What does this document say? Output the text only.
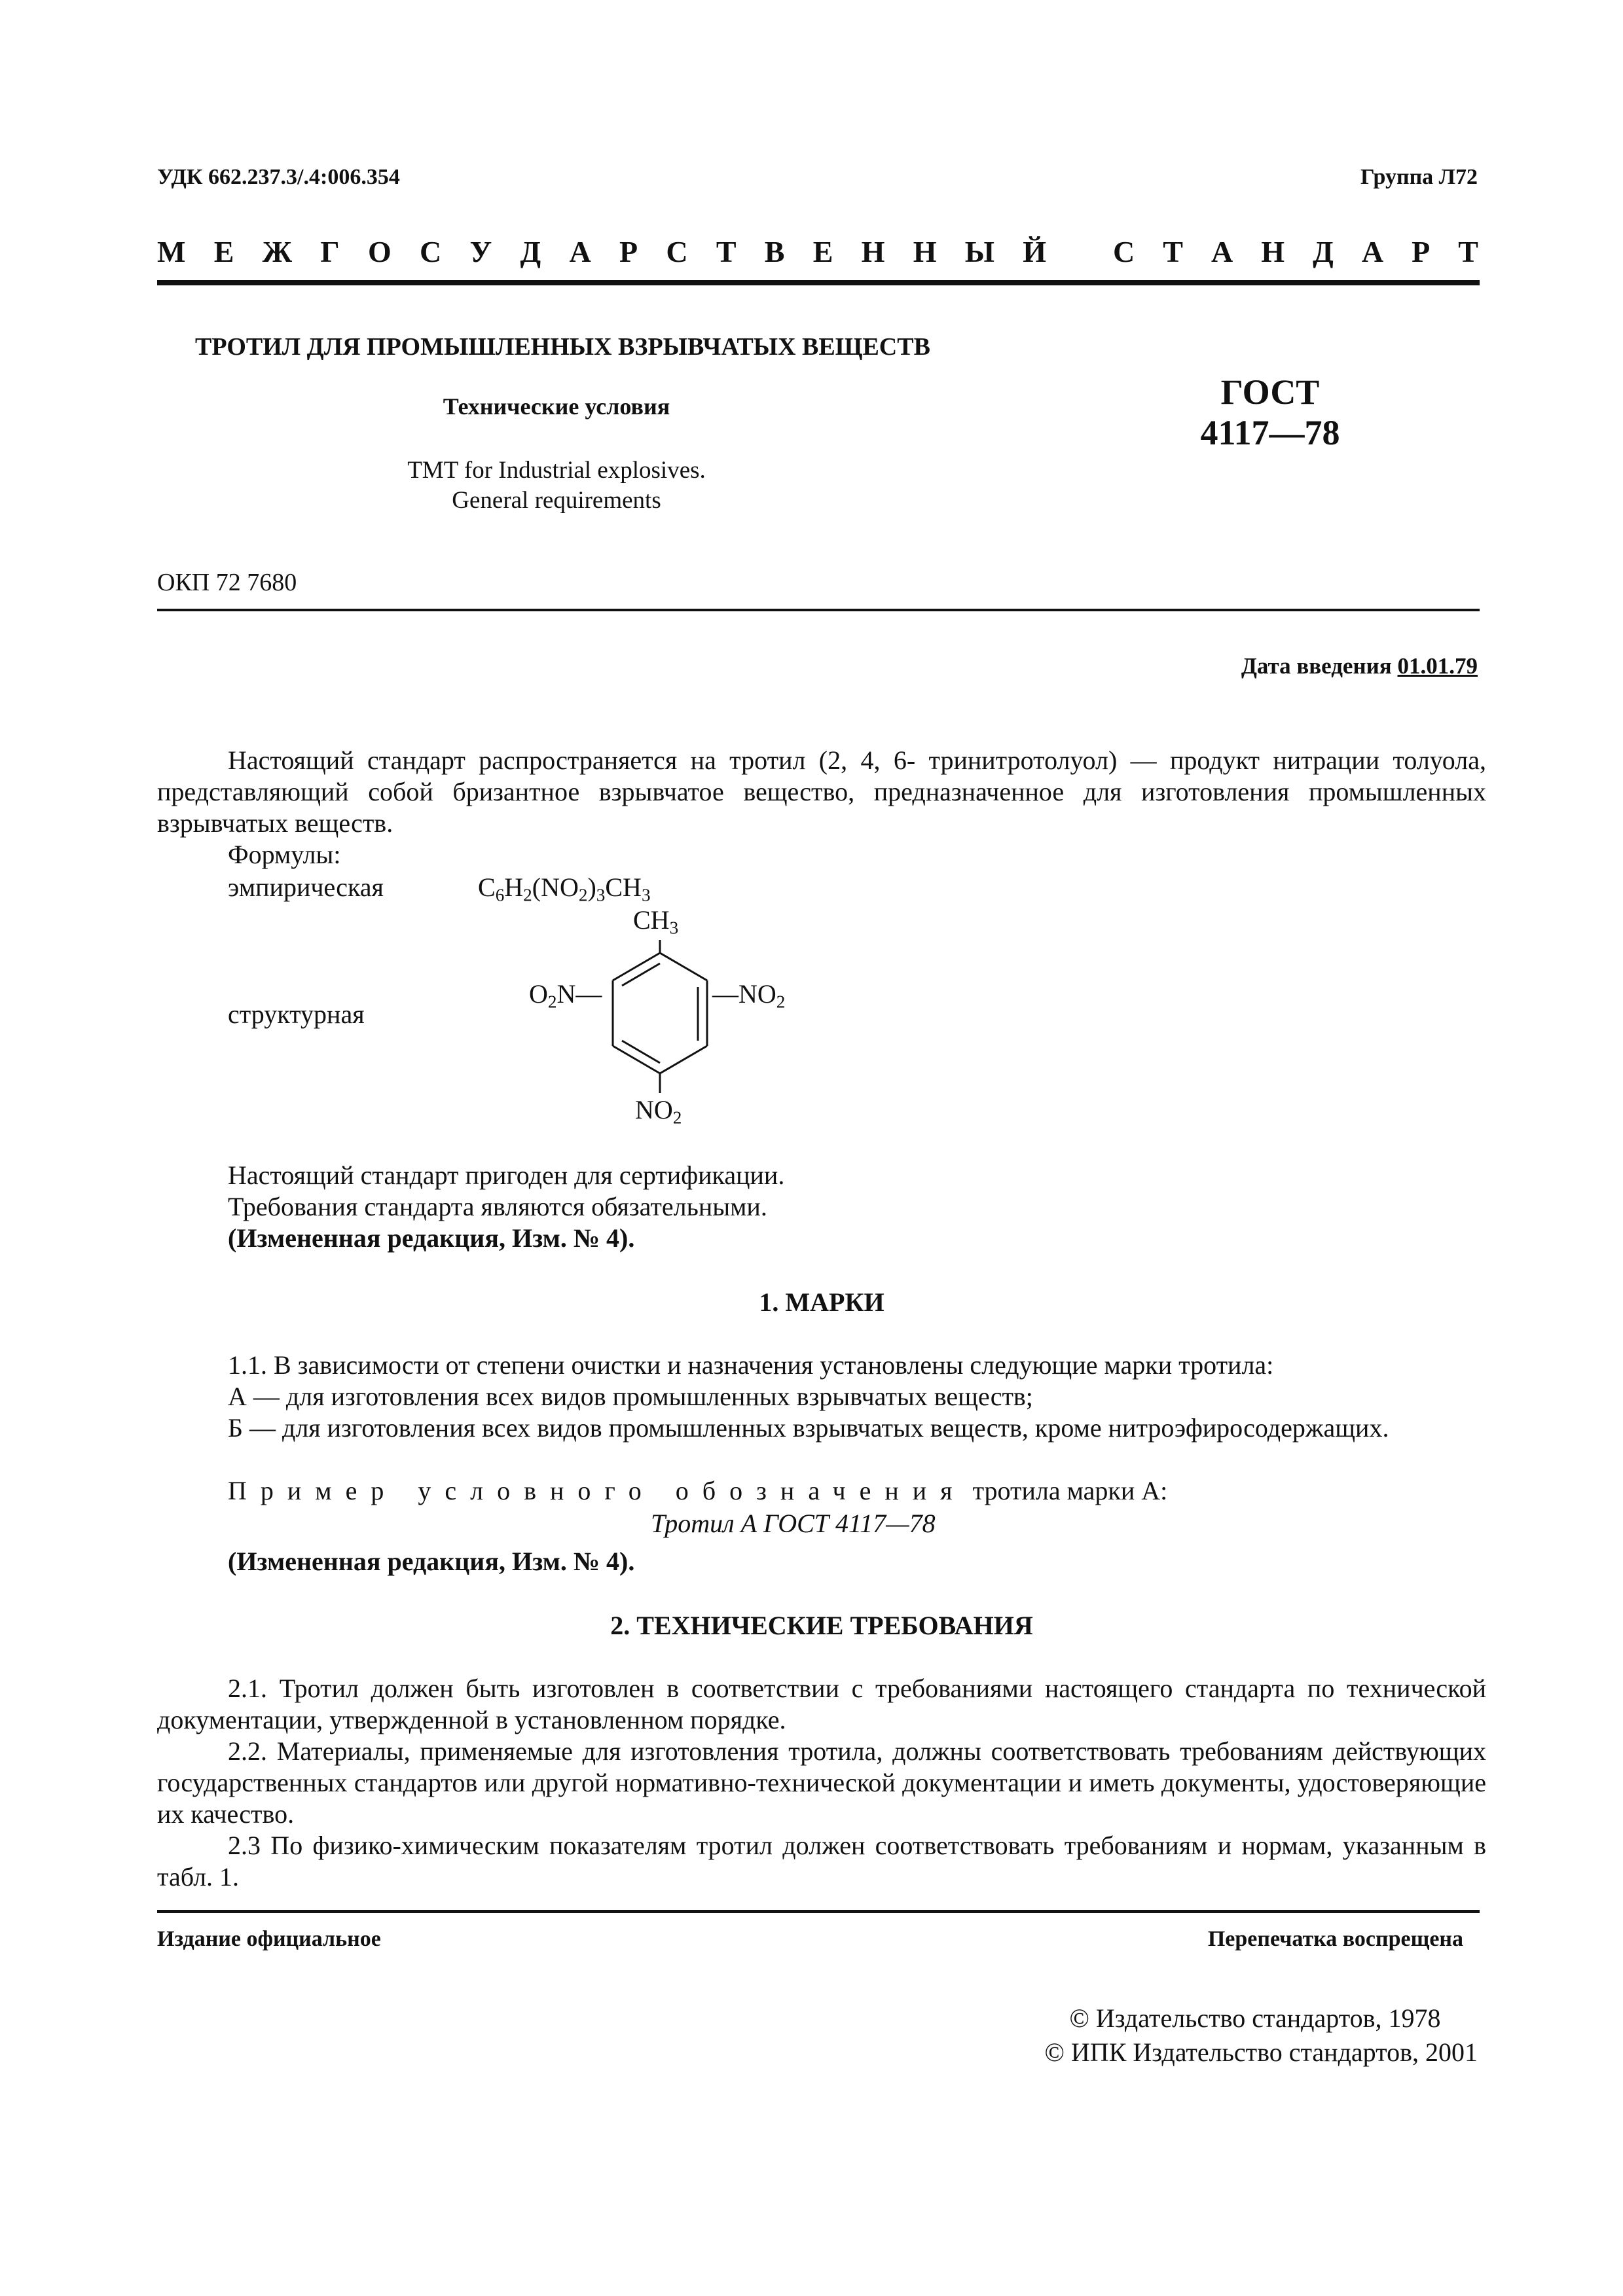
УДК 662.237.3/.4:006.354	Группа Л72
М Е Ж Г О С У Д А Р С Т В Е Н Н Ы Й С Т А Н Д А Р Т
ТРОТИЛ ДЛЯ ПРОМЫШЛЕННЫХ ВЗРЫВЧАТЫХ ВЕЩЕСТВ
Технические условия
TMT for Industrial explosives.
General requirements
ГОСТ
4117—78
ОКП 72 7680
Дата введения 01.01.79
Настоящий стандарт распространяется на тротил (2, 4, 6- тринитротолуол) — продукт нитрации толуола, представляющий собой бризантное взрывчатое вещество, предназначенное для изготовления промышленных взрывчатых веществ.
Формулы:
эмпирическая	$C_6H_2(NO_2)_3CH_3$
структурная
$CH_3$
$O_2N—$	$—NO_2$
$NO_2$
Настоящий стандарт пригоден для сертификации.
Требования стандарта являются обязательными.
(Измененная редакция, Изм. № 4).
1. МАРКИ
1.1. В зависимости от степени очистки и назначения установлены следующие марки тротила:
А — для изготовления всех видов промышленных взрывчатых веществ;
Б — для изготовления всех видов промышленных взрывчатых веществ, кроме нитроэфиросодержащих.
Пример условного обозначения тротила марки А:
Тротил А ГОСТ 4117—78
(Измененная редакция, Изм. № 4).
2. ТЕХНИЧЕСКИЕ ТРЕБОВАНИЯ
2.1. Тротил должен быть изготовлен в соответствии с требованиями настоящего стандарта по технической документации, утвержденной в установленном порядке.
2.2. Материалы, применяемые для изготовления тротила, должны соответствовать требованиям действующих государственных стандартов или другой нормативно-технической документации и иметь документы, удостоверяющие их качество.
2.3 По физико-химическим показателям тротил должен соответствовать требованиям и нормам, указанным в табл. 1.
Издание официальное	Перепечатка воспрещена
© Издательство стандартов, 1978
© ИПК Издательство стандартов, 2001
